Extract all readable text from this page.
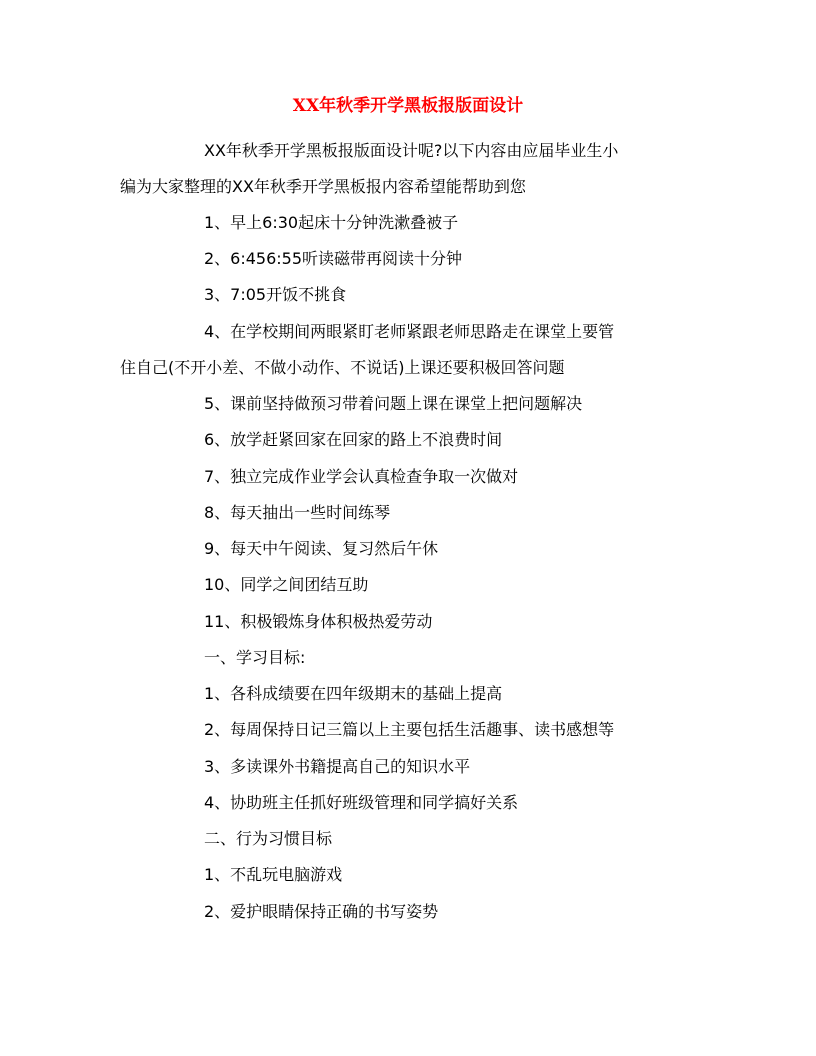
XX年秋季开学黑板报版面设计
XX年秋季开学黑板报版面设计呢?以下内容由应届毕业生小
编为大家整理的XX年秋季开学黑板报内容希望能帮助到您
1、早上6:30起床十分钟洗漱叠被子
2、6:456:55听读磁带再阅读十分钟
3、7:05开饭不挑食
4、在学校期间两眼紧盯老师紧跟老师思路走在课堂上要管
住自己(不开小差、不做小动作、不说话)上课还要积极回答问题
5、课前坚持做预习带着问题上课在课堂上把问题解决
6、放学赶紧回家在回家的路上不浪费时间
7、独立完成作业学会认真检查争取一次做对
8、每天抽出一些时间练琴
9、每天中午阅读、复习然后午休
10、同学之间团结互助
11、积极锻炼身体积极热爱劳动
一、学习目标:
1、各科成绩要在四年级期末的基础上提高
2、每周保持日记三篇以上主要包括生活趣事、读书感想等
3、多读课外书籍提高自己的知识水平
4、协助班主任抓好班级管理和同学搞好关系
二、行为习惯目标
1、不乱玩电脑游戏
2、爱护眼睛保持正确的书写姿势
